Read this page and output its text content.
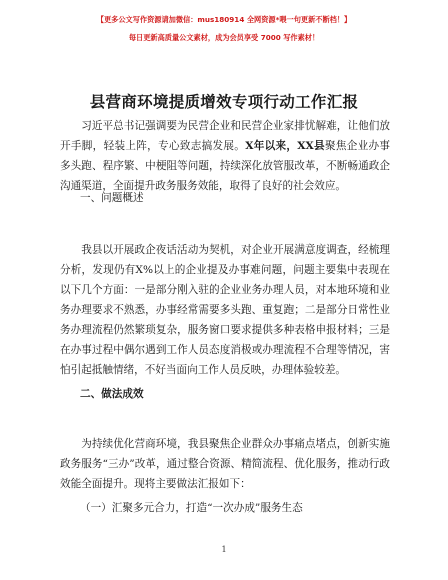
【更多公文写作资源请加微信：mus180914 全网资源*喂一句更新不断档！】
每日更新高质量公文素材，成为会员享受 7000 写作素材！
县营商环境提质增效专项行动工作汇报
习近平总书记强调要为民营企业和民营企业家排忧解难，让他们放开手脚，轻装上阵，专心致志搞发展。X年以来，XX县聚焦企业办事多头跑、程序繁、中梗阻等问题，持续深化放管服改革，不断畅通政企沟通渠道，全面提升政务服务效能，取得了良好的社会效应。
一、问题概述
我县以开展政企夜话活动为契机，对企业开展满意度调查，经梳理分析，发现仍有X%以上的企业提及办事难问题，问题主要集中表现在以下几个方面：一是部分刚入驻的企业业务办理人员，对本地环境和业务办理要求不熟悉，办事经常需要多头跑、重复跑；二是部分日常性业务办理流程仍然繁琐复杂，服务窗口要求提供多种表格申报材料；三是在办事过程中偶尔遇到工作人员态度消极或办理流程不合理等情况，害怕引起抵触情绪，不好当面向工作人员反映，办理体验较差。
二、做法成效
为持续优化营商环境，我县聚焦企业群众办事痛点堵点，创新实施政务服务“三办”改革，通过整合资源、精简流程、优化服务，推动行政效能全面提升。现将主要做法汇报如下：
（一）汇聚多元合力，打造“一次办成”服务生态
1
